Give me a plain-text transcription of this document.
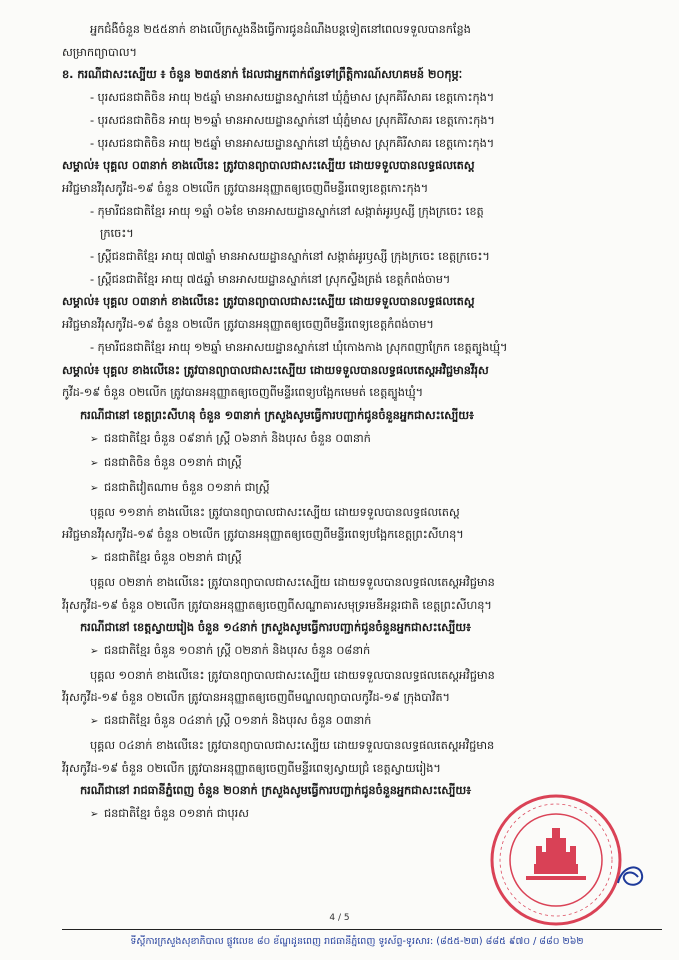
អ្នកជំងឺចំនួន ២៥៥នាក់ ខាងលើក្រសួងនឹងធ្វើការជូនដំណឹងបន្តទៀតនៅពេលទទួលបានកន្លែង
សម្រាកព្យាបាល។
ខ. ករណីជាសះស្បើយ ៖ ចំនួន ២៣៥នាក់ ដែលជាអ្នកពាក់ព័ន្ធទៅព្រឹត្តិការណ៍សហគមន៍ ២០កុម្ភៈ
- បុរសជនជាតិចិន អាយុ ២៥ឆ្នាំ មានអាសយដ្ឋានស្នាក់នៅ ឃុំភ្នំមាស ស្រុកគិរីសាគរ ខេត្តកោះកុង។
- បុរសជនជាតិចិន អាយុ ២១ឆ្នាំ មានអាសយដ្ឋានស្នាក់នៅ ឃុំភ្នំមាស ស្រុកគិរីសាគរ ខេត្តកោះកុង។
- បុរសជនជាតិចិន អាយុ ២៥ឆ្នាំ មានអាសយដ្ឋានស្នាក់នៅ ឃុំភ្នំមាស ស្រុកគិរីសាគរ ខេត្តកោះកុង។
សម្គាល់៖ បុគ្គល ០៣នាក់ ខាងលើនេះ ត្រូវបានព្យាបាលជាសះស្បើយ ដោយទទួលបានលទ្ធផលតេស្ត
អវិជ្ជមានវីរុសកូវីដ-១៩ ចំនួន ០២លើក ត្រូវបានអនុញ្ញាតឲ្យចេញពីមន្ទីរពេទ្យខេត្តកោះកុង។
- កុមារីជនជាតិខ្មែរ អាយុ ១ឆ្នាំ ០៦ខែ មានអាសយដ្ឋានស្នាក់នៅ សង្កាត់អូរឫស្សី ក្រុងក្រចេះ ខេត្ត
ក្រចេះ។
- ស្ត្រីជនជាតិខ្មែរ អាយុ ៧៧ឆ្នាំ មានអាសយដ្ឋានស្នាក់នៅ សង្កាត់អូរឫស្សី ក្រុងក្រចេះ ខេត្តក្រចេះ។
- ស្ត្រីជនជាតិខ្មែរ អាយុ ៧៥ឆ្នាំ មានអាសយដ្ឋានស្នាក់នៅ ស្រុកស្ទឹងត្រង់ ខេត្តកំពង់ចាម។
សម្គាល់៖ បុគ្គល ០៣នាក់ ខាងលើនេះ ត្រូវបានព្យាបាលជាសះស្បើយ ដោយទទួលបានលទ្ធផលតេស្ត
អវិជ្ជមានវីរុសកូវីដ-១៩ ចំនួន ០២លើក ត្រូវបានអនុញ្ញាតឲ្យចេញពីមន្ទីរពេទ្យខេត្តកំពង់ចាម។
- កុមារីជនជាតិខ្មែរ អាយុ ១២ឆ្នាំ មានអាសយដ្ឋានស្នាក់នៅ ឃុំកោងកាង ស្រុកពញាក្រែក ខេត្តត្បូងឃ្មុំ។
សម្គាល់៖ បុគ្គល ខាងលើនេះ ត្រូវបានព្យាបាលជាសះស្បើយ ដោយទទួលបានលទ្ធផលតេស្តអវិជ្ជមានវីរុស
កូវីដ-១៩ ចំនួន ០២លើក ត្រូវបានអនុញ្ញាតឲ្យចេញពីមន្ទីរពេទ្យបង្អែកមេមត់ ខេត្តត្បូងឃ្មុំ។
ករណីជានៅ ខេត្តព្រះសីហនុ ចំនួន ១៣នាក់ ក្រសួងសូមធ្វើការបញ្ជាក់ជូនចំនួនអ្នកជាសះស្បើយ៖
➢ ជនជាតិខ្មែរ ចំនួន ០៩នាក់ ស្ត្រី ០៦នាក់ និងបុរស ចំនួន ០៣នាក់
➢ ជនជាតិចិន ចំនួន ០១នាក់ ជាស្ត្រី
➢ ជនជាតិវៀតណាម ចំនួន ០១នាក់ ជាស្ត្រី
បុគ្គល ១១នាក់ ខាងលើនេះ ត្រូវបានព្យាបាលជាសះស្បើយ ដោយទទួលបានលទ្ធផលតេស្ត
អវិជ្ជមានវីរុសកូវីដ-១៩ ចំនួន ០២លើក ត្រូវបានអនុញ្ញាតឲ្យចេញពីមន្ទីរពេទ្យបង្អែកខេត្តព្រះសីហនុ។
➢ ជនជាតិខ្មែរ ចំនួន ០២នាក់ ជាស្ត្រី
បុគ្គល ០២នាក់ ខាងលើនេះ ត្រូវបានព្យាបាលជាសះស្បើយ ដោយទទួលបានលទ្ធផលតេស្តអវិជ្ជមាន
វីរុសកូវីដ-១៩ ចំនួន ០២លើក ត្រូវបានអនុញ្ញាតឲ្យចេញពីសណ្ឋាគារសមុទ្ររមនីអន្តរជាតិ ខេត្តព្រះសីហនុ។
ករណីជានៅ ខេត្តស្វាយរៀង ចំនួន ១៤នាក់ ក្រសួងសូមធ្វើការបញ្ជាក់ជូនចំនួនអ្នកជាសះស្បើយ៖
➢ ជនជាតិខ្មែរ ចំនួន ១០នាក់ ស្ត្រី ០២នាក់ និងបុរស ចំនួន ០៨នាក់
បុគ្គល ១០នាក់ ខាងលើនេះ ត្រូវបានព្យាបាលជាសះស្បើយ ដោយទទួលបានលទ្ធផលតេស្តអវិជ្ជមាន
វីរុសកូវីដ-១៩ ចំនួន ០២លើក ត្រូវបានអនុញ្ញាតឲ្យចេញពីមណ្ឌលព្យាបាលកូវីដ-១៩ ក្រុងបាវិត។
➢ ជនជាតិខ្មែរ ចំនួន ០៤នាក់ ស្ត្រី ០១នាក់ និងបុរស ចំនួន ០៣នាក់
បុគ្គល ០៤នាក់ ខាងលើនេះ ត្រូវបានព្យាបាលជាសះស្បើយ ដោយទទួលបានលទ្ធផលតេស្តអវិជ្ជមាន
វីរុសកូវីដ-១៩ ចំនួន ០២លើក ត្រូវបានអនុញ្ញាតឲ្យចេញពីមន្ទីរពេទ្យស្វាយជ្រំ ខេត្តស្វាយរៀង។
ករណីជានៅ រាជធានីភ្នំពេញ ចំនួន ២០នាក់ ក្រសួងសូមធ្វើការបញ្ជាក់ជូនចំនួនអ្នកជាសះស្បើយ៖
➢ ជនជាតិខ្មែរ ចំនួន ០១នាក់ ជាបុរស
4 / 5
ទីស្តីការក្រសួងសុខាភិបាល ផ្លូវលេខ ៨០ ខ័ណ្ឌដូនពេញ រាជធានីភ្នំពេញ ទូរស័ព្ទ-ទូរសារ: (៨៥៥-២៣) ៨៨៥ ៩៧០ / ៨៨០ ២៦២
